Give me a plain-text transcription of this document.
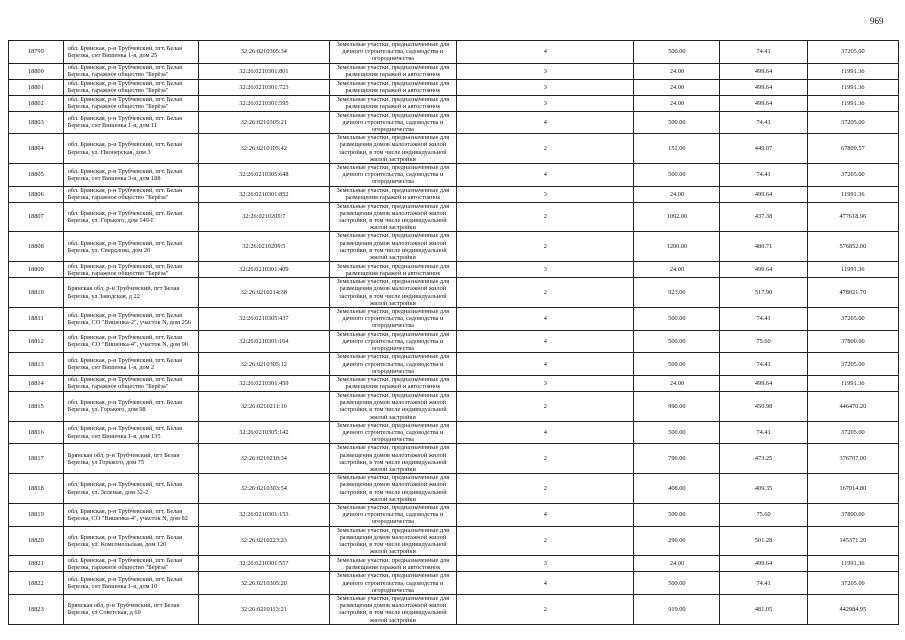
969
18799	обл. Брянская, р-н Трубчевский, пгт. Белая Березка, снт Вишенка 1-я, дом 25	32:26:0210305:34	Земельные участки, предназначенные для дачного строительства, садоводства и огородничества	4	500.00	74.41	37205.00
18800	обл. Брянская, р-н Трубчевский, пгт. Белая Березка, гаражное общество "Берёза"	32:26:0210301:801	Земельные участки, предназначенные для размещения гаражей и автостоянок	3	24.00	499.64	11991.36
18801	обл. Брянская, р-н Трубчевский, пгт. Белая Березка, гаражное общество "Берёза"	32:26:0210301:723	Земельные участки, предназначенные для размещения гаражей и автостоянок	3	24.00	499.64	11991.36
18802	обл. Брянская, р-н Трубчевский, пгт. Белая Березка, гаражное общество "Берёза"	32:26:0210301:595	Земельные участки, предназначенные для размещения гаражей и автостоянок	3	24.00	499.64	11991.36
18803	обл. Брянская, р-н Трубчевский, пгт. Белая Березка, снт Вишенка 1-я, дом 11	32:26:0210305:21	Земельные участки, предназначенные для дачного строительства, садоводства и огородничества	4	500.00	74.41	37205.00
18804	обл. Брянская, р-н Трубчевский, пгт. Белая Березка, ул. Пионерская, дом 3	32:26:0210105:42	Земельные участки, предназначенные для размещения домов малоэтажной жилой застройки, в том числе индивидуальной жилой застройки	2	151.00	449.07	67809.57
18805	обл. Брянская, р-н Трубчевский, пгт. Белая Березка, снт Вишенка 3-я, дом 188	32:26:0210305:648	Земельные участки, предназначенные для дачного строительства, садоводства и огородничества	4	500.00	74.41	37205.00
18806	обл. Брянская, р-н Трубчевский, пгт. Белая Березка, гаражное общество "Берёза"	32:26:0210301:852	Земельные участки, предназначенные для размещения гаражей и автостоянок	3	24.00	499.64	11991.36
18807	обл. Брянская, р-н Трубчевский, пгт. Белая Березка, ул. Горького, дом 149-Г	32:26:0210205:7	Земельные участки, предназначенные для размещения домов малоэтажной жилой застройки, в том числе индивидуальной жилой застройки	2	1092.00	437.38	477618.96
18808	обл. Брянская, р-н Трубчевский, пгт. Белая Березка, ул. Свердлова, дом 20	32:26:0210209:5	Земельные участки, предназначенные для размещения домов малоэтажной жилой застройки, в том числе индивидуальной жилой застройки	2	1200.00	480.71	576852.00
18809	обл. Брянская, р-н Трубчевский, пгт. Белая Березка, гаражное общество "Берёза"	32:26:0210301:409	Земельные участки, предназначенные для размещения гаражей и автостоянок	3	24.00	499.64	11991.36
18810	Брянская обл, р-н Трубчевский, пгт Белая Березка, ул Заводская, д 22	32:26:0210214:38	Земельные участки, предназначенные для размещения домов малоэтажной жилой застройки, в том числе индивидуальной жилой застройки	2	923.00	517.90	478021.70
18811	обл. Брянская, р-н Трубчевский, пгт. Белая Березка, СО "Вишенка-2", участок N, дом 256	32:26:0210305:437	Земельные участки, предназначенные для дачного строительства, садоводства и огородничества	4	500.00	74.41	37205.00
18812	обл. Брянская, р-н Трубчевский, пгт. Белая Березка, СО "Вишенка-4", участок N, дом 90	32:26:0210301:164	Земельные участки, предназначенные для дачного строительства, садоводства и огородничества	4	500.00	75.60	37800.00
18813	обл. Брянская, р-н Трубчевский, пгт. Белая Березка, снт Вишенка 1-я, дом 2	32:26:0210305:12	Земельные участки, предназначенные для дачного строительства, садоводства и огородничества	4	500.00	74.41	37205.00
18814	обл. Брянская, р-н Трубчевский, пгт. Белая Березка, гаражное общество "Берёза"	32:26:0210301:459	Земельные участки, предназначенные для размещения гаражей и автостоянок	3	24.00	499.64	11991.36
18815	обл. Брянская, р-н Трубчевский, пгт. Белая Березка, ул. Горького, дом 98	32:26:0210211:10	Земельные участки, предназначенные для размещения домов малоэтажной жилой застройки, в том числе индивидуальной жилой застройки	2	990.00	450.98	446470.20
18816	обл. Брянская, р-н Трубчевский, пгт. Белая Березка, снт Вишенка 1-я, дом 135	32:26:0210305:142	Земельные участки, предназначенные для дачного строительства, садоводства и огородничества	4	500.00	74.41	37205.00
18817	Брянская обл, р-н Трубчевский, пгт Белая Березка, ул Горького, дом 75	32:26:0210210:34	Земельные участки, предназначенные для размещения домов малоэтажной жилой застройки, в том числе индивидуальной жилой застройки	2	796.00	473.25	376707.00
18818	обл. Брянская, р-н Трубчевский, пгт. Белая Березка, ул. Зеленая, дом 32-2	32:26:0210303:54	Земельные участки, предназначенные для размещения домов малоэтажной жилой застройки, в том числе индивидуальной жилой застройки	2	408.00	409.35	167014.80
18819	обл. Брянская, р-н Трубчевский, пгт. Белая Березка, СО "Вишенка-4", участок N, дом 82	32:26:0210301:153	Земельные участки, предназначенные для дачного строительства, садоводства и огородничества	4	500.00	75.60	37800.00
18820	обл. Брянская, р-н Трубчевский, пгт. Белая Березка, ул. Комсомольская, дом 120	32:26:0210223:23	Земельные участки, предназначенные для размещения домов малоэтажной жилой застройки, в том числе индивидуальной жилой застройки	2	290.00	501.28	145371.20
18821	обл. Брянская, р-н Трубчевский, пгт. Белая Березка, гаражное общество "Берёза"	32:26:0210301:557	Земельные участки, предназначенные для размещения гаражей и автостоянок	3	24.00	499.64	11991.36
18822	обл. Брянская, р-н Трубчевский, пгт. Белая Березка, снт Вишенка 1-я, дом 10	32:26:0210305:20	Земельные участки, предназначенные для дачного строительства, садоводства и огородничества	4	500.00	74.41	37205.00
18823	Брянская обл, р-н Трубчевский, пгт Белая Березка, ул Советская, д 60	32:26:0210113:21	Земельные участки, предназначенные для размещения домов малоэтажной жилой застройки, в том числе индивидуальной жилой застройки	2	919.00	481.05	442084.95
